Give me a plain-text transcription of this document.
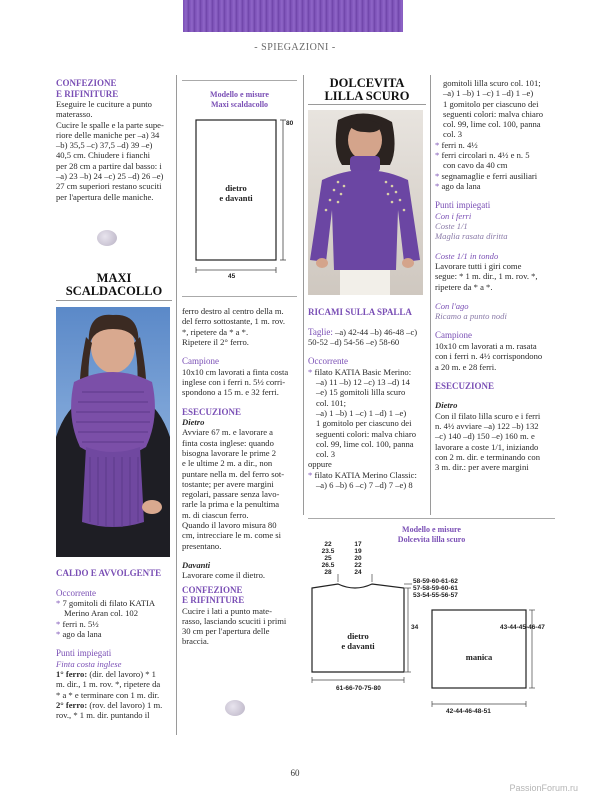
- SPIEGAZIONI -

CONFEZIONE

E RIFINITURE

Eseguire le cuciture a punto

materasso.

Cucire le spalle e la parte supe-

riore delle maniche per –a) 34

–b) 35,5 –c) 37,5 –d) 39 –e)

40,5 cm. Chiudere i fianchi

per 28 cm a partire dal basso: i

–a) 23 –b) 24 –c) 25 –d) 26 –e)

27 cm superiori restano scuciti

per l'apertura delle maniche.

MAXI
SCALDACOLLO

CALDO E AVVOLGENTE

Occorrente

* 7 gomitoli di filato KATIA

Merino Aran col. 102

* ferri n. 5½

* ago da lana

Punti impiegati

Finta costa inglese

1° ferro: (dir. del lavoro) * 1

m. dir., 1 m. rov. *, ripetere da

* a * e terminare con 1 m. dir.

2° ferro: (rov. del lavoro) 1 m.

rov., * 1 m. dir. puntando il

Modello e misure
Maxi scaldacollo
dietro
e davanti
80
45

ferro destro al centro della m.

del ferro sottostante, 1 m. rov.

*, ripetere da * a *.

Ripetere il 2° ferro.

Campione

10x10 cm lavorati a finta costa

inglese con i ferri n. 5½ corri-

spondono a 15 m. e 32 ferri.

ESECUZIONE

Dietro

Avviare 67 m. e lavorare a

finta costa inglese: quando

bisogna lavorare le prime 2

e le ultime 2 m. a dir., non

puntare nella m. del ferro sot-

tostante; per avere margini

regolari, passare senza lavo-

rarle la prima e la penultima

m. di ciascun ferro.

Quando il lavoro misura 80

cm, intrecciare le m. come si

presentano.

Davanti

Lavorare come il dietro.

CONFEZIONE

E RIFINITURE

Cucire i lati a punto mate-

rasso, lasciando scuciti i primi

30 cm per l'apertura delle

braccia.

DOLCEVITA
LILLA SCURO

RICAMI SULLA SPALLA

Taglie: –a) 42-44 –b) 46-48 –c)

50-52 –d) 54-56 –e) 58-60

Occorrente

* filato KATIA Basic Merino:

–a) 11 –b) 12 –c) 13 –d) 14

–e) 15 gomitoli lilla scuro

col. 101;

–a) 1 –b) 1 –c) 1 –d) 1 –e)

1 gomitolo per ciascuno dei

seguenti colori: malva chiaro

col. 99, lime col. 100, panna

col. 3

oppure

* filato KATIA Merino Classic:

–a) 6 –b) 6 –c) 7 –d) 7 –e) 8

gomitoli lilla scuro col. 101;

–a) 1 –b) 1 –c) 1 –d) 1 –e)

1 gomitolo per ciascuno dei

seguenti colori: malva chiaro

col. 99, lime col. 100, panna

col. 3

* ferri n. 4½

* ferri circolari n. 4½ e n. 5

con cavo da 40 cm

* segnamaglie e ferri ausiliari

* ago da lana

Punti impiegati

Con i ferri

Coste 1/1

Maglia rasata diritta

Coste 1/1 in tondo

Lavorare tutti i giri come

segue: * 1 m. dir., 1 m. rov. *,

ripetere da * a *.

Con l'ago

Ricamo a punto nodi

Campione

10x10 cm lavorati a m. rasata

con i ferri n. 4½ corrispondono

a 20 m. e 28 ferri.

ESECUZIONE

Dietro

Con il filato lilla scuro e i ferri

n. 4½ avviare –a) 122 –b) 132

–c) 140 –d) 150 –e) 160 m. e

lavorare a coste 1/1, iniziando

con 2 m. dir. e terminando con

3 m. dir.: per avere margini

Modello e misure
Dolcevita lilla scuro
22
23.5
25
26.5
28
17
19
20
22
24
58-59-60-61-62
57-58-59-60-61
53-54-55-56-57
34
dietro
e davanti
61-66-70-75-80
manica
43-44-45-46-47
42-44-46-48-51
60
PassionForum.ru
